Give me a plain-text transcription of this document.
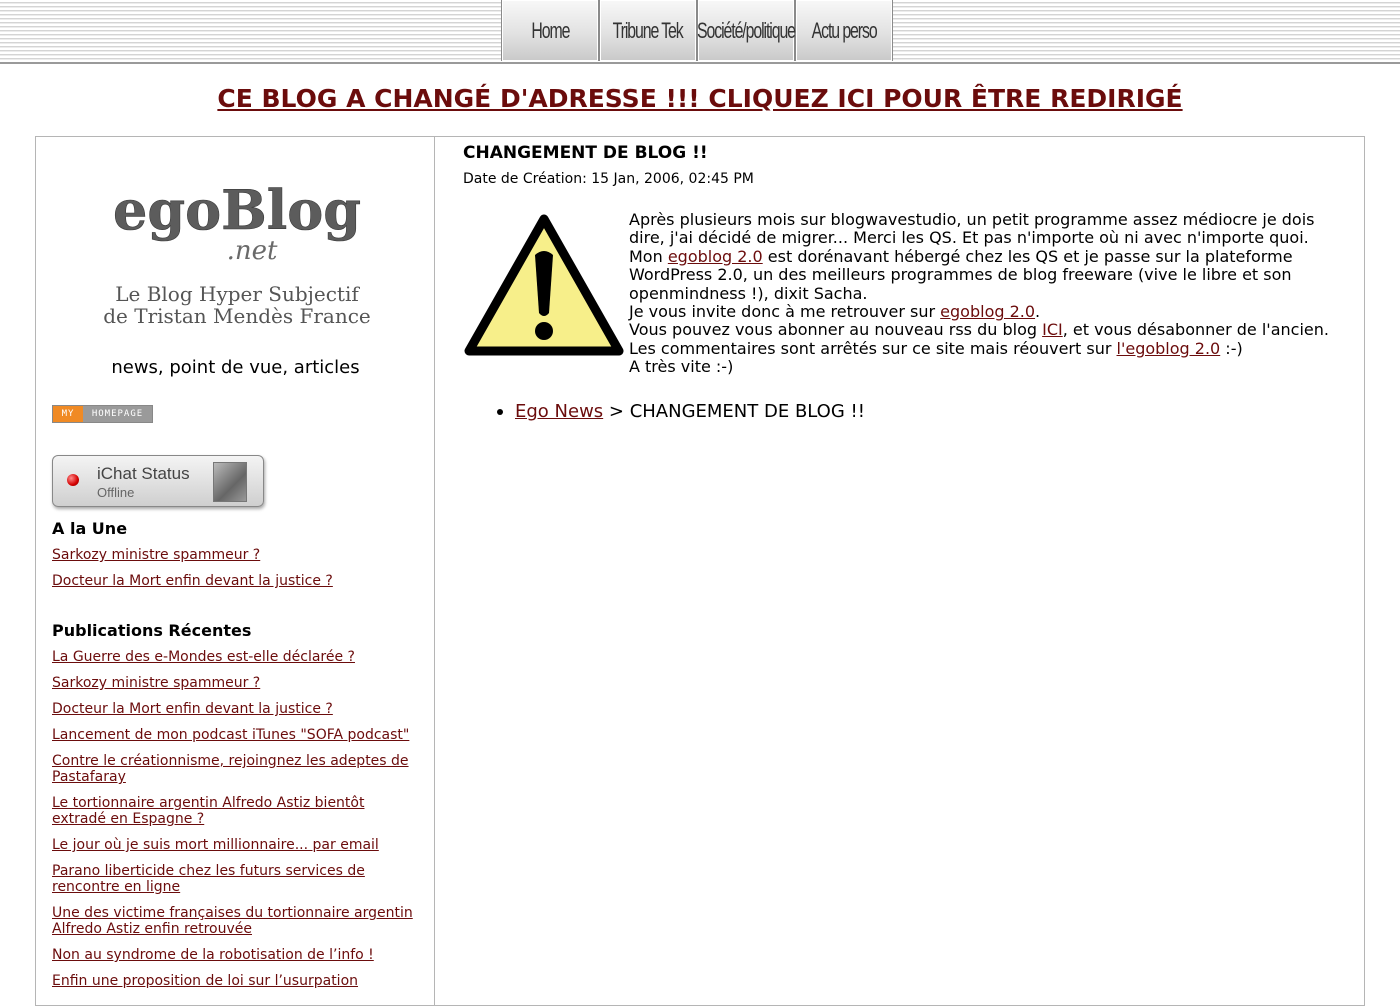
Home Tribune Tek Société/politique Actu perso
CE BLOG A CHANGÉ D'ADRESSE !!! CLIQUEZ ICI POUR ÊTRE REDIRIGÉ
egoBlog
.net
Le Blog Hyper Subjectif
de Tristan Mendès France
news, point de vue, articles
MY	HOMEPAGE
iChat Status
Offline
A la Une
Sarkozy ministre spammeur ?
Docteur la Mort enfin devant la justice ?
Publications Récentes
La Guerre des e-Mondes est-elle déclarée ?
Sarkozy ministre spammeur ?
Docteur la Mort enfin devant la justice ?
Lancement de mon podcast iTunes "SOFA podcast"
Contre le créationnisme, rejoingnez les adeptes de Pastafaray
Le tortionnaire argentin Alfredo Astiz bientôt extradé en Espagne ?
Le jour où je suis mort millionnaire... par email
Parano liberticide chez les futurs services de rencontre en ligne
Une des victime françaises du tortionnaire argentin Alfredo Astiz enfin retrouvée
Non au syndrome de la robotisation de l’info !
Enfin une proposition de loi sur l’usurpation
CHANGEMENT DE BLOG !!
Date de Création: 15 Jan, 2006, 02:45 PM

Après plusieurs mois sur blogwavestudio, un petit programme assez médiocre je dois dire, j'ai décidé de migrer... Merci les QS. Et pas n'importe où ni avec n'importe quoi. Mon egoblog 2.0 est dorénavant hébergé chez les QS et je passe sur la plateforme WordPress 2.0, un des meilleurs programmes de blog freeware (vive le libre et son openmindness !), dixit Sacha.

Je vous invite donc à me retrouver sur egoblog 2.0.

Vous pouvez vous abonner au nouveau rss du blog ICI, et vous désabonner de l'ancien.

Les commentaires sont arrêtés sur ce site mais réouvert sur l'egoblog 2.0 :-)

A très vite :-)

Ego News > CHANGEMENT DE BLOG !!
